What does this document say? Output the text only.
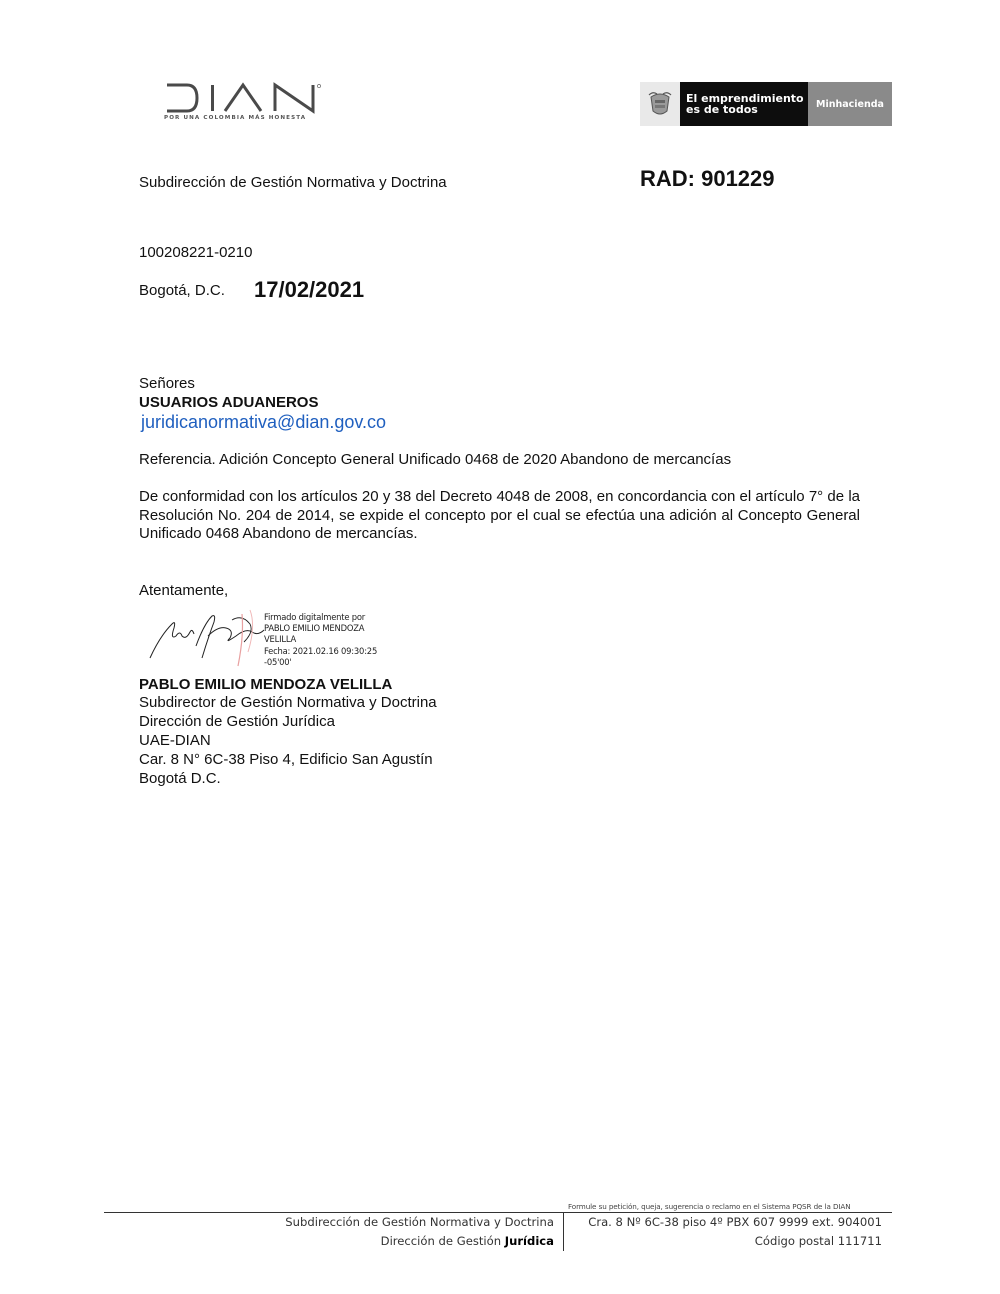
POR UNA COLOMBIA MÁS HONESTA
El emprendimiento
es de todos	Minhacienda
Subdirección de Gestión Normativa y Doctrina	RAD: 901229
100208221-0210
Bogotá, D.C. 17/02/2021
Señores
USUARIOS ADUANEROS
juridicanormativa@dian.gov.co
Referencia. Adición Concepto General Unificado 0468 de 2020 Abandono de mercancías
De conformidad con los artículos 20 y 38 del Decreto 4048 de 2008, en concordancia con el artículo 7° de la Resolución No. 204 de 2014, se expide el concepto por el cual se efectúa una adición al Concepto General Unificado 0468 Abandono de mercancías.
Atentamente,
Firmado digitalmente por
PABLO EMILIO MENDOZA
VELILLA
Fecha: 2021.02.16 09:30:25
-05'00'
PABLO EMILIO MENDOZA VELILLA
Subdirector de Gestión Normativa y Doctrina
Dirección de Gestión Jurídica
UAE-DIAN
Car. 8 N° 6C-38 Piso 4, Edificio San Agustín
Bogotá D.C.
Formule su petición, queja, sugerencia o reclamo en el Sistema PQSR de la DIAN
Subdirección de Gestión Normativa y Doctrina
Dirección de Gestión Jurídica
Cra. 8 Nº 6C-38 piso 4º PBX 607 9999 ext. 904001
Código postal 111711
